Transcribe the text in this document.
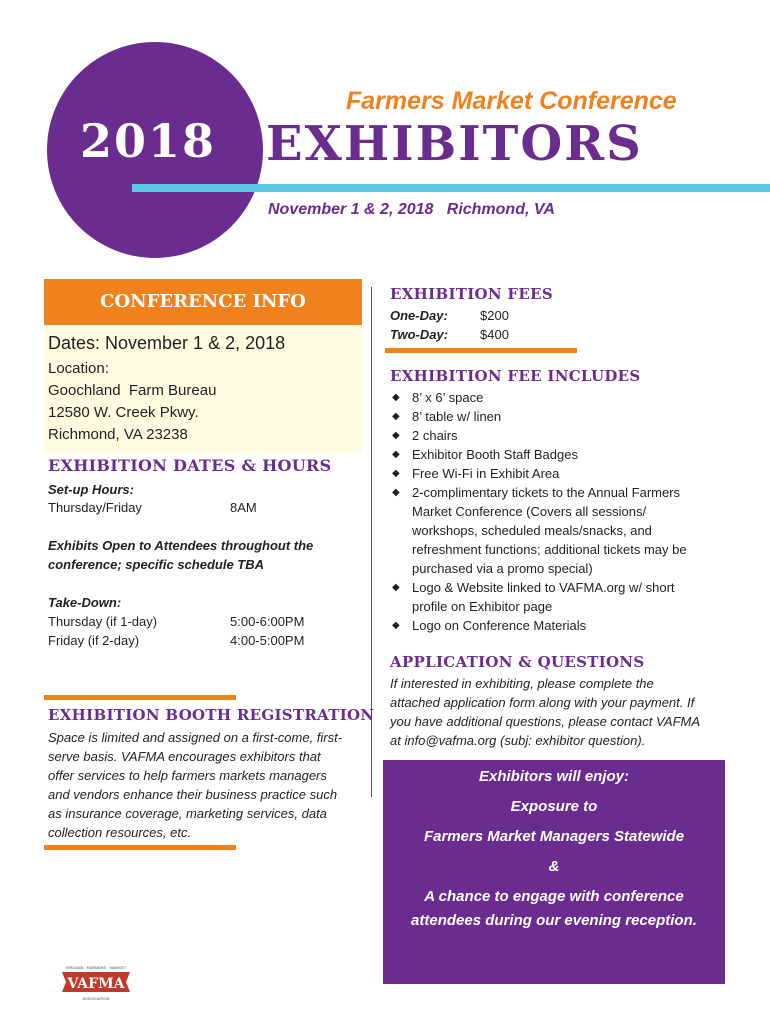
2018
Farmers Market Conference
EXHIBITORS
November 1 & 2, 2018   Richmond, VA
CONFERENCE INFO
Dates: November 1 & 2, 2018
Location:
Goochland  Farm Bureau
12580 W. Creek Pkwy.
Richmond, VA 23238
EXHIBITION DATES & HOURS
Set-up Hours:
Thursday/Friday	8AM
Exhibits Open to Attendees throughout the
conference; specific schedule TBA
Take-Down:
Thursday (if 1-day)	5:00-6:00PM
Friday (if 2-day)	4:00-5:00PM
EXHIBITION BOOTH REGISTRATION
Space is limited and assigned on a first-come, first-
serve basis. VAFMA encourages exhibitors that
offer services to help farmers markets managers
and vendors enhance their business practice such
as insurance coverage, marketing services, data
collection resources, etc.
EXHIBITION FEES
One-Day: $200
Two-Day: $400
EXHIBITION FEE INCLUDES
◆ 8’ x 6’ space
◆ 8’ table w/ linen
◆ 2 chairs
◆ Exhibitor Booth Staff Badges
◆ Free Wi-Fi in Exhibit Area
◆ 2-complimentary tickets to the Annual Farmers
Market Conference (Covers all sessions/
workshops, scheduled meals/snacks, and
refreshment functions; additional tickets may be
purchased via a promo special)
◆ Logo & Website linked to VAFMA.org w/ short
profile on Exhibitor page
◆ Logo on Conference Materials
APPLICATION & QUESTIONS
If interested in exhibiting, please complete the
attached application form along with your payment. If
you have additional questions, please contact VAFMA
at info@vafma.org (subj: exhibitor question).
Exhibitors will enjoy:
Exposure to
Farmers Market Managers Statewide
&
A chance to engage with conference
attendees during our evening reception.
VIRGINIA · FARMERS · MARKET
VAFMA
ASSOCIATION
